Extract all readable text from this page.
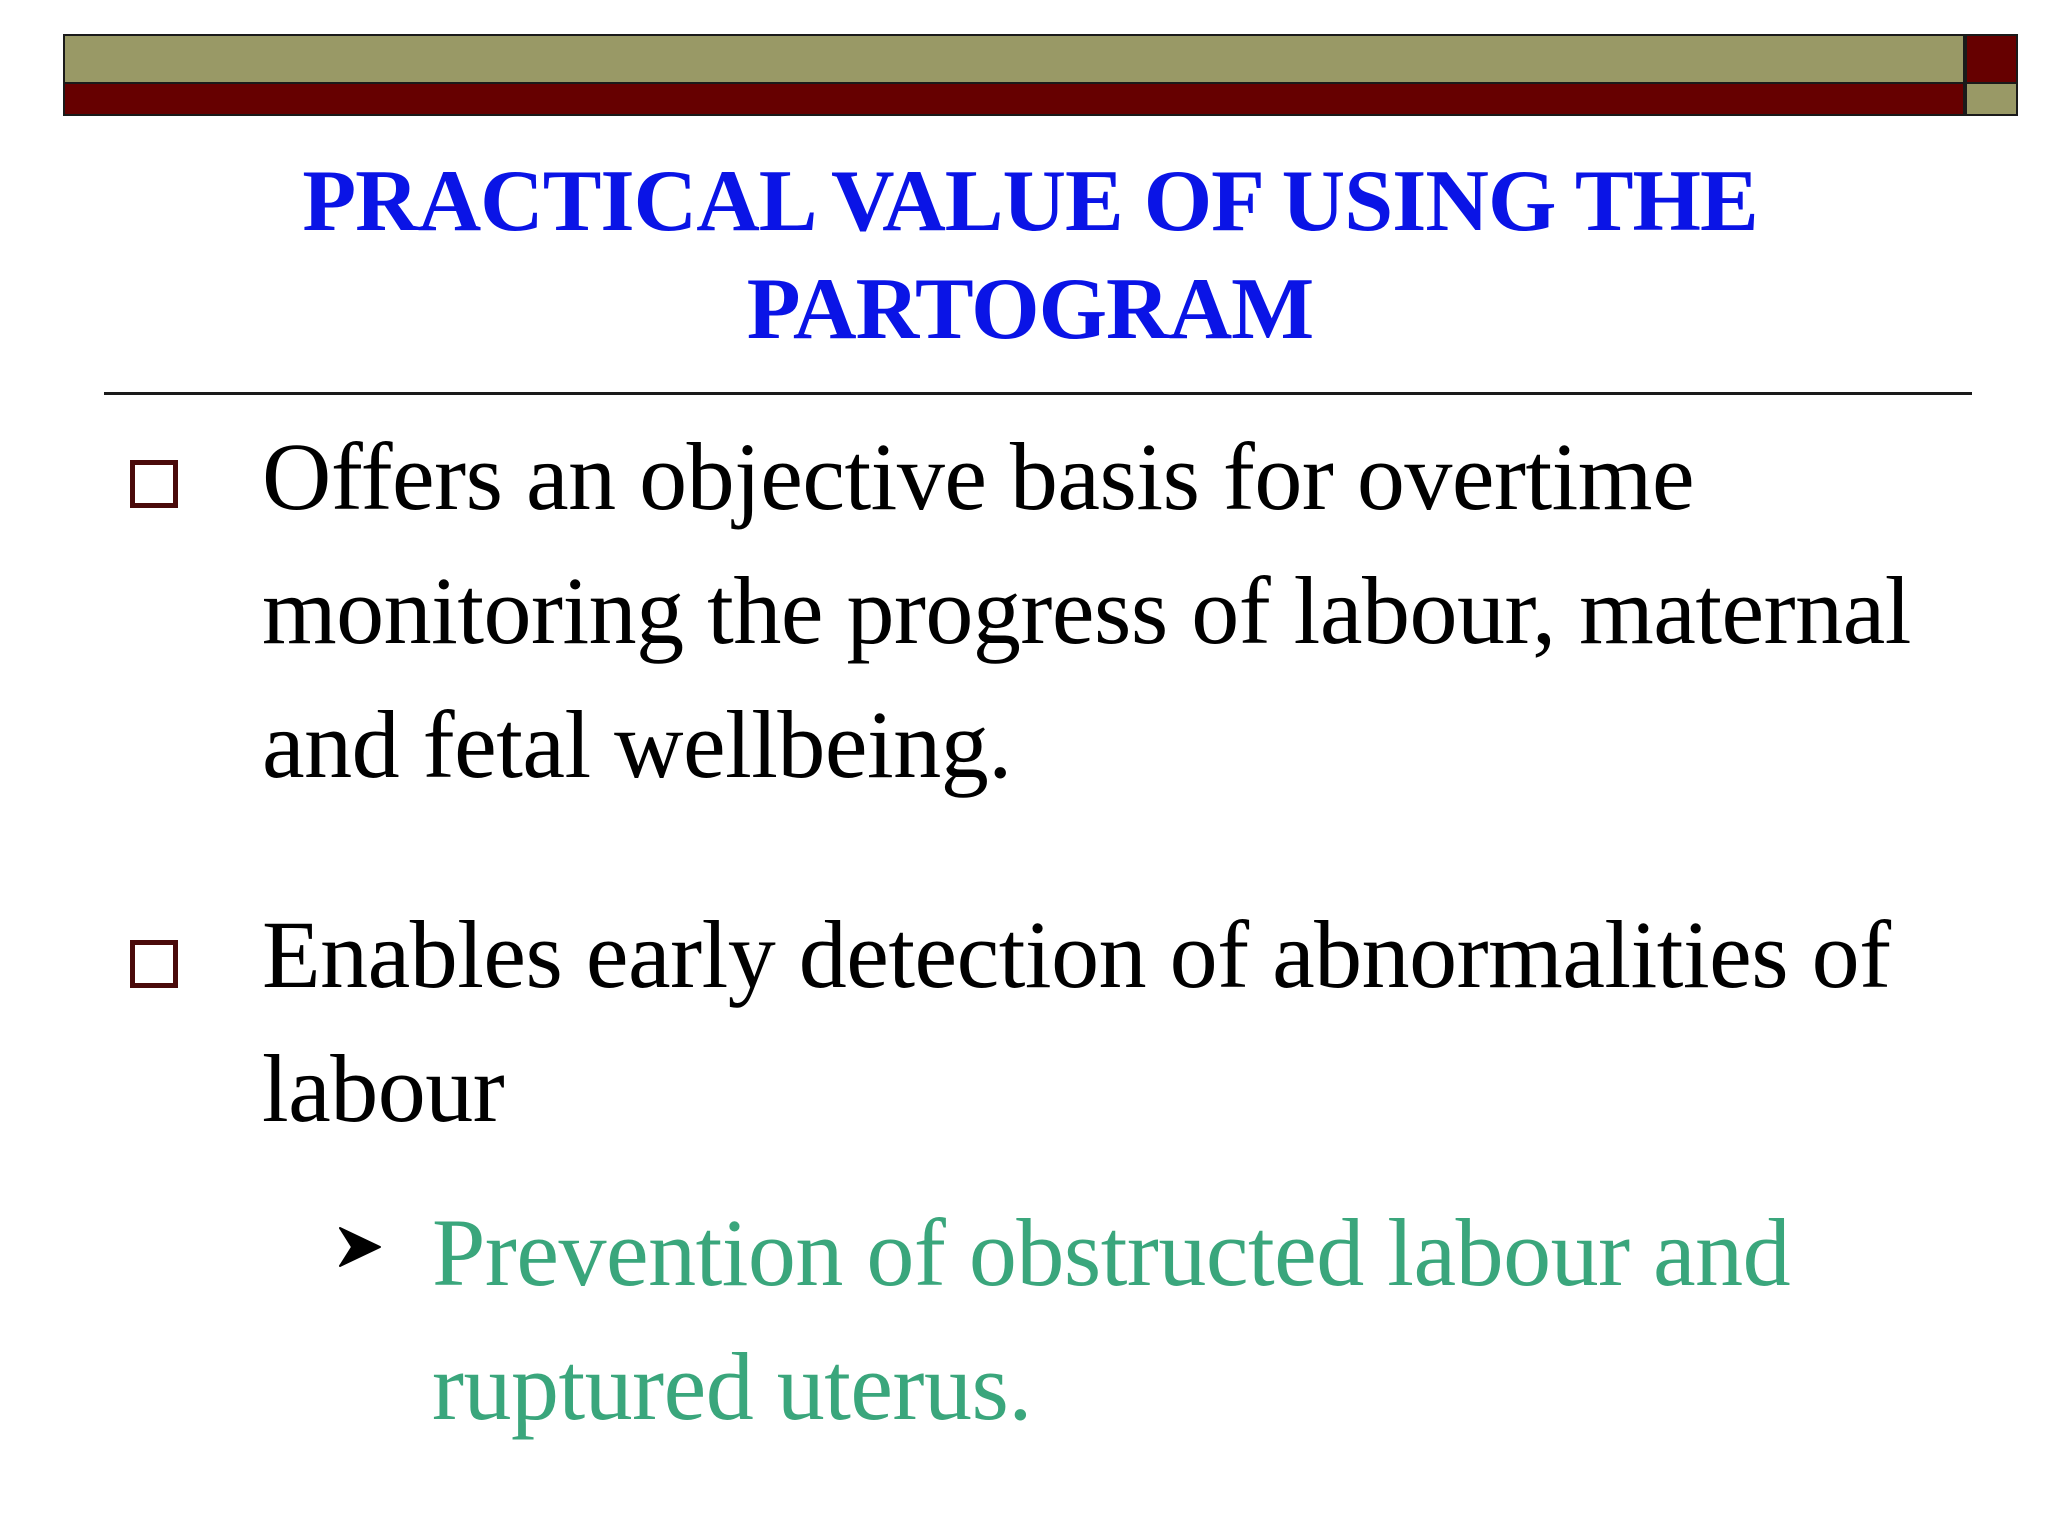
PRACTICAL VALUE OF USING THE PARTOGRAM

Offers an objective basis for overtime monitoring the progress of labour, maternal and fetal wellbeing.

Enables early detection of abnormalities of labour

Prevention of obstructed labour and ruptured uterus.
